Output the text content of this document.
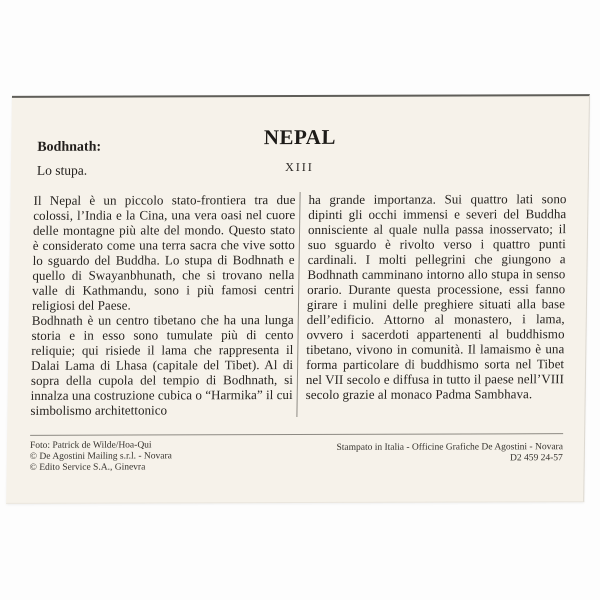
NEPAL
XIII
Bodhnath:
Lo stupa.

Il Nepal è un piccolo stato-frontiera tra due colossi, l’India e la Cina, una vera oasi nel cuore delle montagne più alte del mondo. Questo stato è considerato come una terra sacra che vive sotto lo sguardo del Buddha. Lo stupa di Bodhnath e quello di Swayanbhunath, che si trovano nella valle di Kathmandu, sono i più famosi centri religiosi del Paese.

Bodhnath è un centro tibetano che ha una lunga storia e in esso sono tumulate più di cento reliquie; qui risiede il lama che rappresenta il Dalai Lama di Lhasa (capitale del Tibet). Al di sopra della cupola del tempio di Bodhnath, si innalza una costruzione cubica o “Harmika” il cui simbolismo architettonico

ha grande importanza. Sui quattro lati sono dipinti gli occhi immensi e severi del Buddha onnisciente al quale nulla passa inosservato; il suo sguardo è rivolto verso i quattro punti cardinali. I molti pellegrini che giungono a Bodhnath camminano intorno allo stupa in senso orario. Durante questa processione, essi fanno girare i mulini delle preghiere situati alla base dell’edificio. Attorno al monastero, i lama, ovvero i sacerdoti appartenenti al buddhismo tibetano, vivono in comunità. Il lamaismo è una forma particolare di buddhismo sorta nel Tibet nel VII secolo e diffusa in tutto il paese nell’VIII secolo grazie al monaco Padma Sambhava.

Foto: Patrick de Wilde/Hoa-Qui
© De Agostini Mailing s.r.l. - Novara
© Edito Service S.A., Ginevra
Stampato in Italia - Officine Grafiche De Agostini - Novara
D2 459 24-57
